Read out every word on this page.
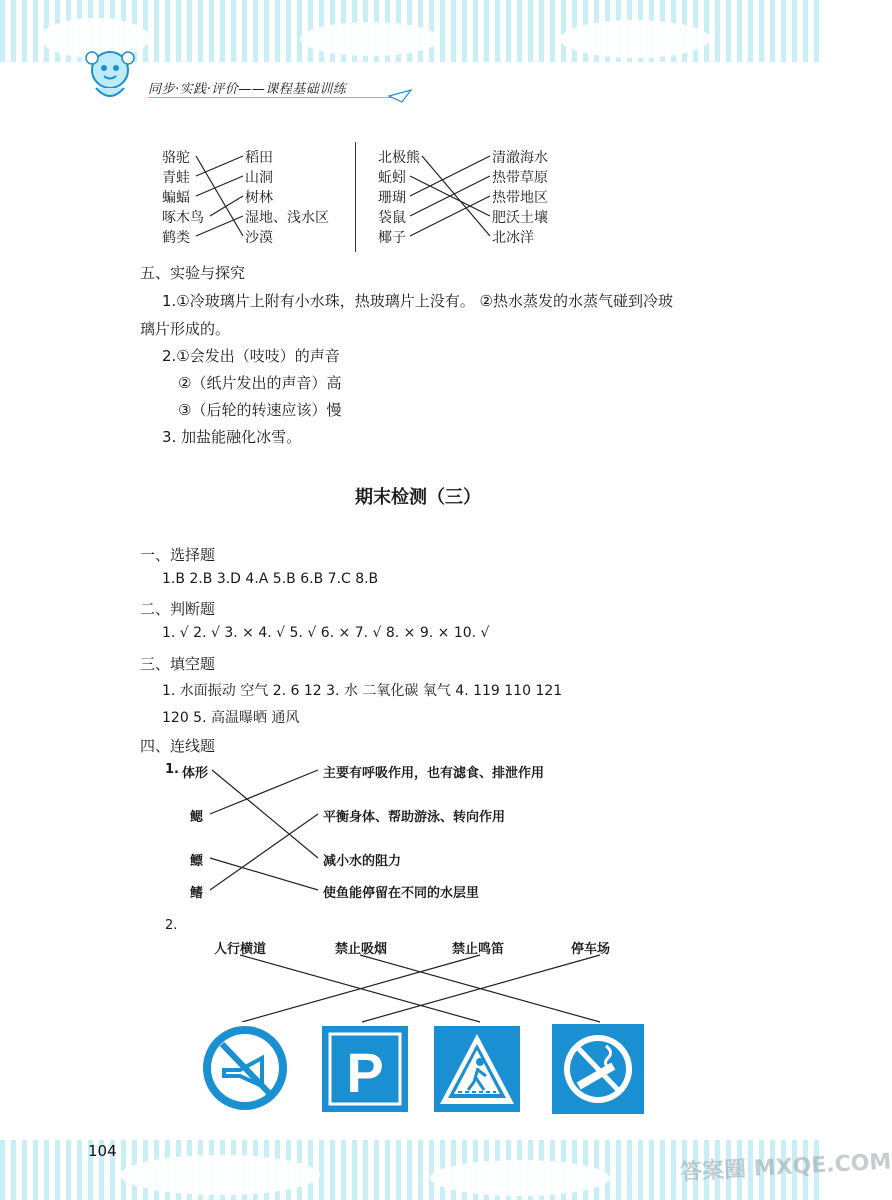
同步·实践·评价——课程基础训练
骆驼
青蛙
蝙蝠
啄木鸟
鹤类
稻田
山洞
树林
湿地、浅水区
沙漠
北极熊
蚯蚓
珊瑚
袋鼠
椰子
清澈海水
热带草原
热带地区
肥沃土壤
北冰洋
五、实验与探究
1.①冷玻璃片上附有小水珠，热玻璃片上没有。 ②热水蒸发的水蒸气碰到冷玻
璃片形成的。
2.①会发出（吱吱）的声音
②（纸片发出的声音）高
③（后轮的转速应该）慢
3. 加盐能融化冰雪。
期末检测（三）
一、选择题
1.B 2.B 3.D 4.A 5.B 6.B 7.C 8.B
二、判断题
1. √ 2. √ 3. × 4. √ 5. √ 6. × 7. √ 8. × 9. × 10. √
三、填空题
1. 水面振动 空气 2. 6 12 3. 水 二氧化碳 氧气 4. 119 110 121
120 5. 高温曝晒 通风
四、连线题
1. 体形
鳃
鳔
鳍
主要有呼吸作用，也有滤食、排泄作用
平衡身体、帮助游泳、转向作用
减小水的阻力
使鱼能停留在不同的水层里
2.
人行横道	禁止吸烟	禁止鸣笛	停车场
P
104	答案圈 MXQE.COM
